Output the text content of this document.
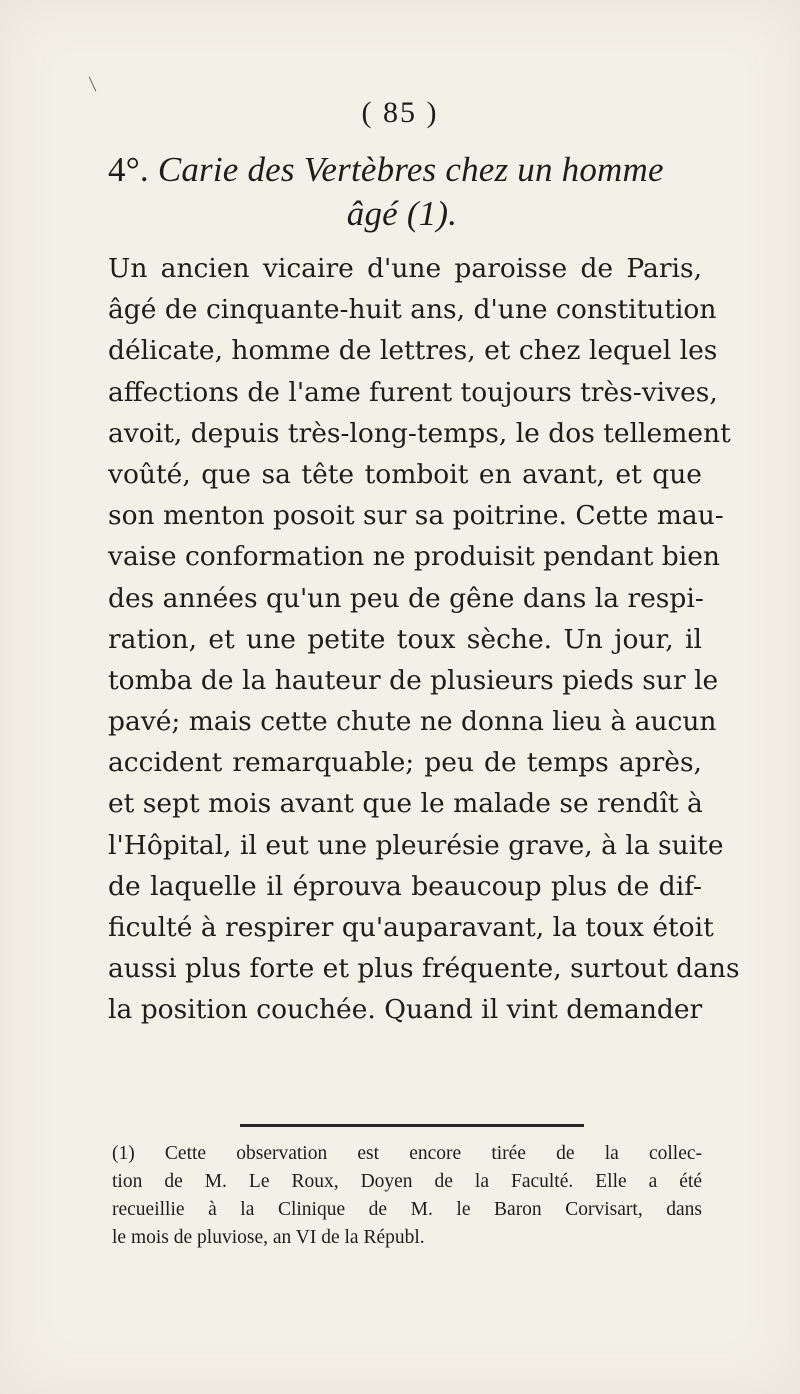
( 85 )
4°. Carie des Vertèbres chez un homme
âgé (1).
Un ancien vicaire d'une paroisse de Paris,
âgé de cinquante-huit ans, d'une constitution
délicate, homme de lettres, et chez lequel les
affections de l'ame furent toujours très-vives,
avoit, depuis très-long-temps, le dos tellement
voûté, que sa tête tomboit en avant, et que
son menton posoit sur sa poitrine. Cette mau-
vaise conformation ne produisit pendant bien
des années qu'un peu de gêne dans la respi-
ration, et une petite toux sèche. Un jour, il
tomba de la hauteur de plusieurs pieds sur le
pavé; mais cette chute ne donna lieu à aucun
accident remarquable; peu de temps après,
et sept mois avant que le malade se rendît à
l'Hôpital, il eut une pleurésie grave, à la suite
de laquelle il éprouva beaucoup plus de dif-
ficulté à respirer qu'auparavant, la toux étoit
aussi plus forte et plus fréquente, surtout dans
la position couchée. Quand il vint demander
(1) Cette observation est encore tirée de la collec-
tion de M. Le Roux, Doyen de la Faculté. Elle a été
recueillie à la Clinique de M. le Baron Corvisart, dans
le mois de pluviose, an VI de la Républ.
